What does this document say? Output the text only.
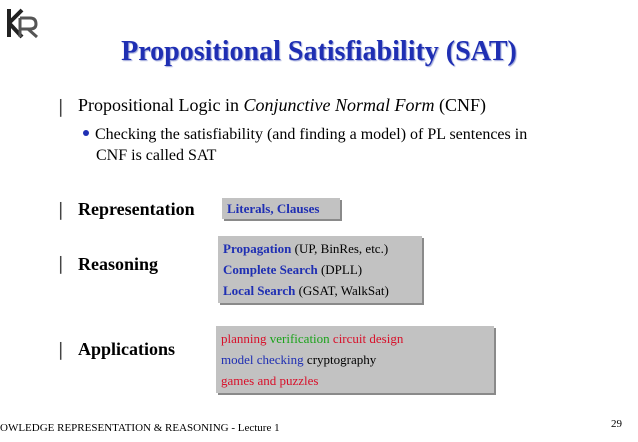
Propositional Satisfiability (SAT)
▏ Propositional Logic in Conjunctive Normal Form (CNF)
Checking the satisfiability (and finding a model) of PL sentences in
CNF is called SAT
▏ Representation	Literals, Clauses
▏ Reasoning
Propagation (UP, BinRes, etc.)
Complete Search (DPLL)
Local Search (GSAT, WalkSat)
▏ Applications
planning verification circuit design
model checking cryptography
games and puzzles
OWLEDGE REPRESENTATION & REASONING - Lecture 1	29
